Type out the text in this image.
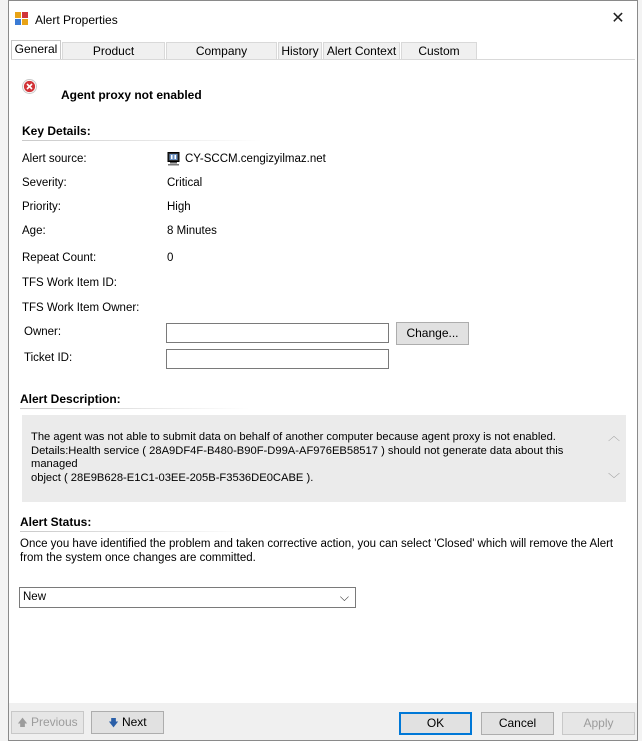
Alert Properties	✕
General	Product	Company	History Alert Context	Custom
Agent proxy not enabled
Key Details:
Alert source:	CY-SCCM.cengizyilmaz.net
Severity:	Critical
Priority:	High
Age:	8 Minutes
Repeat Count:	0
TFS Work Item ID:
TFS Work Item Owner:
Owner:	Change...
Ticket ID:
Alert Description:
The agent was not able to submit data on behalf of another computer because agent proxy is not enabled.
Details:Health service ( 28A9DF4F-B480-B90F-D99A-AF976EB58517 ) should not generate data about this managed
object ( 28E9B628-E1C1-03EE-205B-F3536DE0CABE ).
︿
﹀
Alert Status:
Once you have identified the problem and taken corrective action, you can select 'Closed' which will remove the Alert
from the system once changes are committed.
New	⌵
🡅 Previous	🡇 Next	OK	Cancel	Apply
